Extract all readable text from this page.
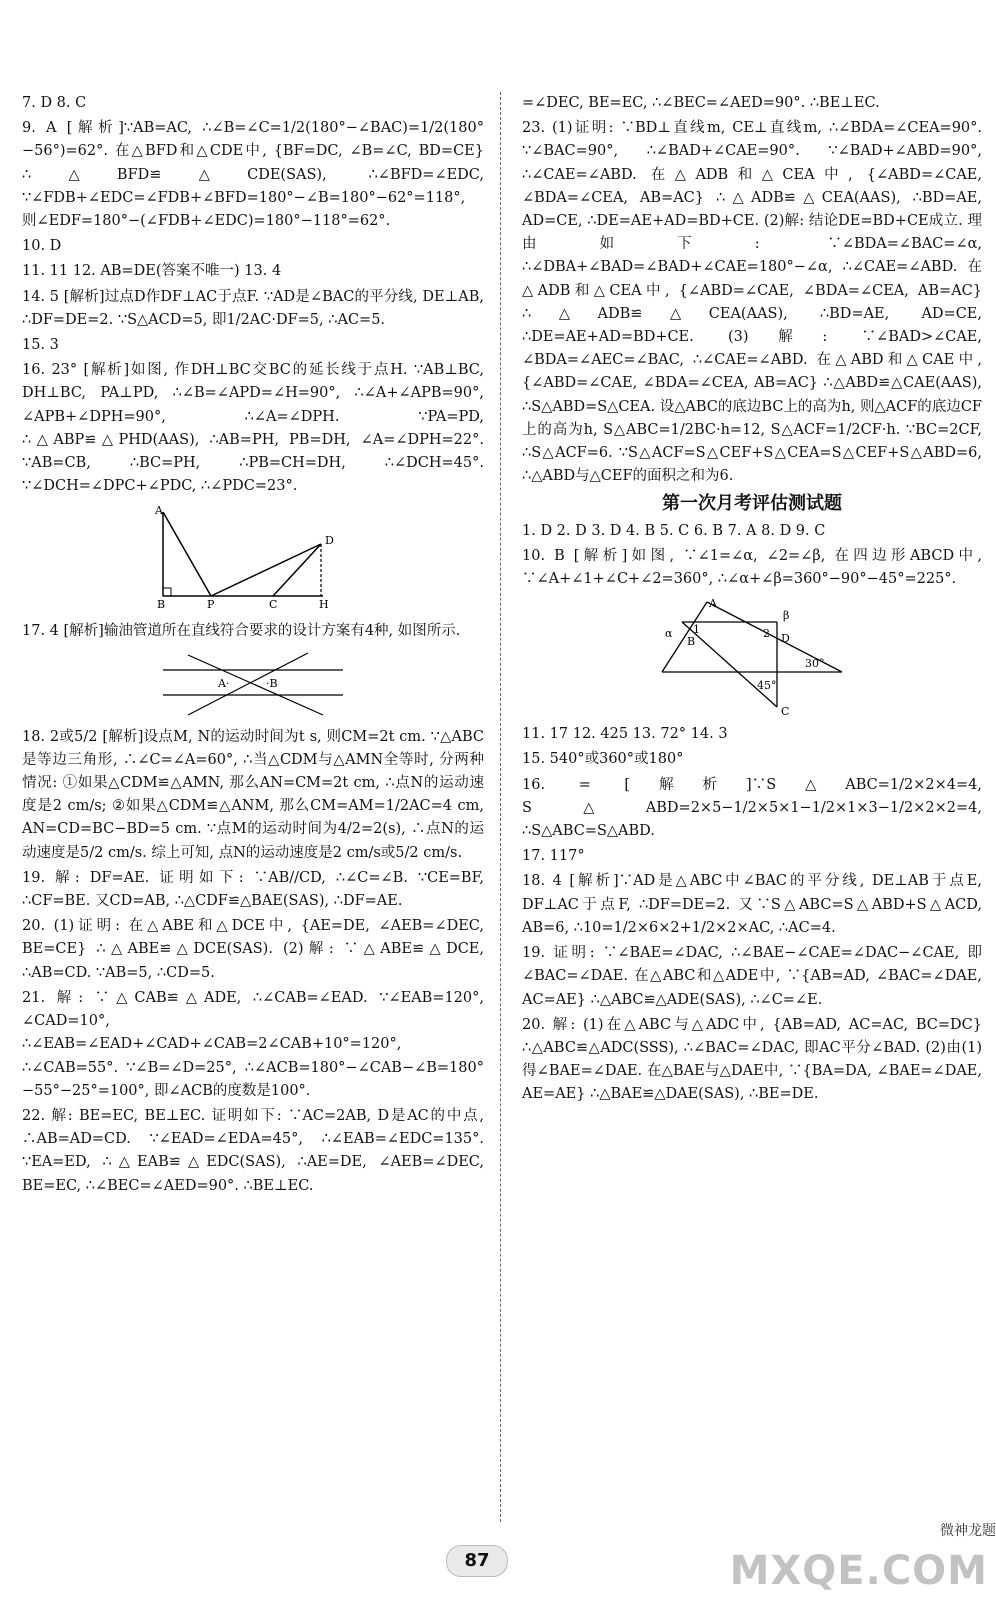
7. D 8. C

9. A [解析]∵AB=AC, ∴∠B=∠C=1/2(180°−∠BAC)=1/2(180°−56°)=62°. 在△BFD和△CDE中, {BF=DC, ∠B=∠C, BD=CE} ∴△BFD≌△CDE(SAS), ∴∠BFD=∠EDC, ∵∠FDB+∠EDC=∠FDB+∠BFD=180°−∠B=180°−62°=118°, 则∠EDF=180°−(∠FDB+∠EDC)=180°−118°=62°.

10. D

11. 11 12. AB=DE(答案不唯一) 13. 4

14. 5 [解析]过点D作DF⊥AC于点F. ∵AD是∠BAC的平分线, DE⊥AB, ∴DF=DE=2. ∵S△ACD=5, 即1/2AC·DF=5, ∴AC=5.

15. 3

16. 23° [解析]如图, 作DH⊥BC交BC的延长线于点H. ∵AB⊥BC, DH⊥BC, PA⊥PD, ∴∠B=∠APD=∠H=90°, ∴∠A+∠APB=90°, ∠APB+∠DPH=90°, ∴∠A=∠DPH. ∵PA=PD, ∴△ABP≌△PHD(AAS), ∴AB=PH, PB=DH, ∠A=∠DPH=22°. ∵AB=CB, ∴BC=PH, ∴PB=CH=DH, ∴∠DCH=45°. ∵∠DCH=∠DPC+∠PDC, ∴∠PDC=23°.

A
B	P	C
D
H

17. 4 [解析]输油管道所在直线符合要求的设计方案有4种, 如图所示.

A·	·B

18. 2或5/2 [解析]设点M, N的运动时间为t s, 则CM=2t cm. ∵△ABC是等边三角形, ∴∠C=∠A=60°, ∴当△CDM与△AMN全等时, 分两种情况: ①如果△CDM≌△AMN, 那么AN=CM=2t cm, ∴点N的运动速度是2 cm/s; ②如果△CDM≌△ANM, 那么CM=AM=1/2AC=4 cm, AN=CD=BC−BD=5 cm. ∵点M的运动时间为4/2=2(s), ∴点N的运动速度是5/2 cm/s. 综上可知, 点N的运动速度是2 cm/s或5/2 cm/s.

19. 解: DF=AE. 证明如下: ∵AB//CD, ∴∠C=∠B. ∵CE=BF, ∴CF=BE. 又CD=AB, ∴△CDF≌△BAE(SAS), ∴DF=AE.

20. (1)证明: 在△ABE和△DCE中, {AE=DE, ∠AEB=∠DEC, BE=CE} ∴△ABE≌△DCE(SAS). (2)解: ∵△ABE≌△DCE, ∴AB=CD. ∵AB=5, ∴CD=5.

21. 解: ∵△CAB≌△ADE, ∴∠CAB=∠EAD. ∵∠EAB=120°, ∠CAD=10°, ∴∠EAB=∠EAD+∠CAD+∠CAB=2∠CAB+10°=120°, ∴∠CAB=55°. ∵∠B=∠D=25°, ∴∠ACB=180°−∠CAB−∠B=180°−55°−25°=100°, 即∠ACB的度数是100°.

22. 解: BE=EC, BE⊥EC. 证明如下: ∵AC=2AB, D是AC的中点, ∴AB=AD=CD. ∵∠EAD=∠EDA=45°, ∴∠EAB=∠EDC=135°. ∵EA=ED, ∴△EAB≌△EDC(SAS), ∴AE=DE, ∠AEB=∠DEC, BE=EC, ∴∠BEC=∠AED=90°. ∴BE⊥EC.

=∠DEC, BE=EC, ∴∠BEC=∠AED=90°. ∴BE⊥EC.

23. (1)证明: ∵BD⊥直线m, CE⊥直线m, ∴∠BDA=∠CEA=90°. ∵∠BAC=90°, ∴∠BAD+∠CAE=90°. ∵∠BAD+∠ABD=90°, ∴∠CAE=∠ABD. 在△ADB和△CEA中, {∠ABD=∠CAE, ∠BDA=∠CEA, AB=AC} ∴△ADB≌△CEA(AAS), ∴BD=AE, AD=CE, ∴DE=AE+AD=BD+CE. (2)解: 结论DE=BD+CE成立. 理由如下: ∵∠BDA=∠BAC=∠α, ∴∠DBA+∠BAD=∠BAD+∠CAE=180°−∠α, ∴∠CAE=∠ABD. 在△ADB和△CEA中, {∠ABD=∠CAE, ∠BDA=∠CEA, AB=AC} ∴△ADB≌△CEA(AAS), ∴BD=AE, AD=CE, ∴DE=AE+AD=BD+CE. (3)解: ∵∠BAD>∠CAE, ∠BDA=∠AEC=∠BAC, ∴∠CAE=∠ABD. 在△ABD和△CAE中, {∠ABD=∠CAE, ∠BDA=∠CEA, AB=AC} ∴△ABD≌△CAE(AAS), ∴S△ABD=S△CEA. 设△ABC的底边BC上的高为h, 则△ACF的底边CF上的高为h, S△ABC=1/2BC·h=12, S△ACF=1/2CF·h. ∵BC=2CF, ∴S△ACF=6. ∵S△ACF=S△CEF+S△CEA=S△CEF+S△ABD=6, ∴△ABD与△CEF的面积之和为6.

第一次月考评估测试题

1. D 2. D 3. D 4. B 5. C 6. B 7. A 8. D 9. C

10. B [解析]如图, ∵∠1=∠α, ∠2=∠β, 在四边形ABCD中, ∵∠A+∠1+∠C+∠2=360°, ∴∠α+∠β=360°−90°−45°=225°.

A
B
C
D
α
β
1	2
30°
45°

11. 17 12. 425 13. 72° 14. 3

15. 540°或360°或180°

16. = [解析]∵S△ABC=1/2×2×4=4, S△ABD=2×5−1/2×5×1−1/2×1×3−1/2×2×2=4, ∴S△ABC=S△ABD.

17. 117°

18. 4 [解析]∵AD是△ABC中∠BAC的平分线, DE⊥AB于点E, DF⊥AC于点F, ∴DF=DE=2. 又∵S△ABC=S△ABD+S△ACD, AB=6, ∴10=1/2×6×2+1/2×2×AC, ∴AC=4.

19. 证明: ∵∠BAE=∠DAC, ∴∠BAE−∠CAE=∠DAC−∠CAE, 即∠BAC=∠DAE. 在△ABC和△ADE中, ∵{AB=AD, ∠BAC=∠DAE, AC=AE} ∴△ABC≌△ADE(SAS), ∴∠C=∠E.

20. 解: (1)在△ABC与△ADC中, {AB=AD, AC=AC, BC=DC} ∴△ABC≌△ADC(SSS), ∴∠BAC=∠DAC, 即AC平分∠BAD. (2)由(1)得∠BAE=∠DAE. 在△BAE与△DAE中, ∵{BA=DA, ∠BAE=∠DAE, AE=AE} ∴△BAE≌△DAE(SAS), ∴BE=DE.

87
微神龙题
MXQE.COM
